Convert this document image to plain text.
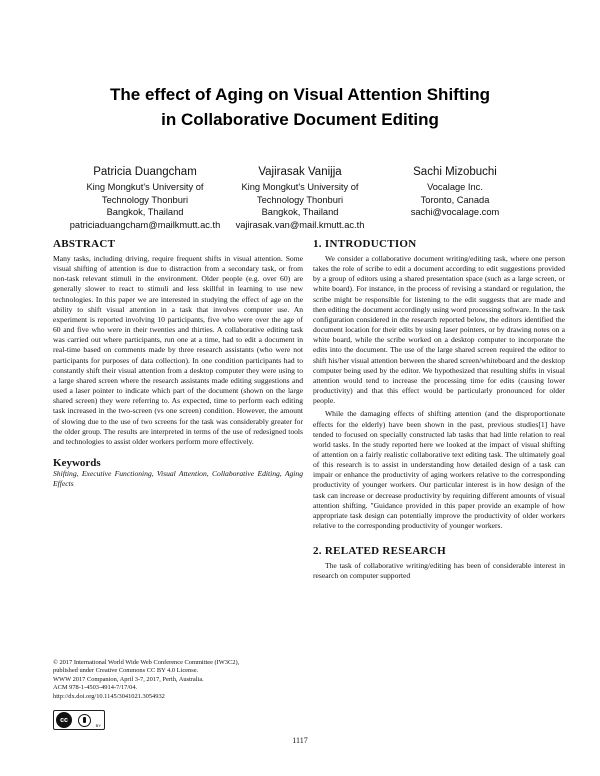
The effect of Aging on Visual Attention Shifting
in Collaborative Document Editing
Patricia Duangcham
King Mongkut's University of
Technology Thonburi
Bangkok, Thailand
patriciaduangcham@mailkmutt.ac.th
Vajirasak Vanijja
King Mongkut's University of
Technology Thonburi
Bangkok, Thailand
vajirasak.van@mail.kmutt.ac.th
Sachi Mizobuchi
Vocalage Inc.
Toronto, Canada
sachi@vocalage.com
ABSTRACT

Many tasks, including driving, require frequent shifts in visual attention. Some visual shifting of attention is due to distraction from a secondary task, or from non-task relevant stimuli in the environment. Older people (e.g. over 60) are generally slower to react to stimuli and less skillful in learning to use new technologies. In this paper we are interested in studying the effect of age on the ability to shift visual attention in a task that involves computer use. An experiment is reported involving 10 participants, five who were over the age of 60 and five who were in their twenties and thirties. A collaborative editing task was carried out where participants, run one at a time, had to edit a document in real-time based on comments made by three research assistants (who were not participants for purposes of data collection). In one condition participants had to constantly shift their visual attention from a desktop computer they were using to a large shared screen where the research assistants made editing suggestions and used a laser pointer to indicate which part of the document (shown on the large shared screen) they were referring to. As expected, time to perform each editing task increased in the two-screen (vs one screen) condition. However, the amount of slowing due to the use of two screens for the task was considerably greater for the older group. The results are interpreted in terms of the use of redesigned tools and technologies to assist older workers perform more effectively.

Keywords

Shifting, Executive Functioning, Visual Attention, Collaborative Editing, Aging Effects

© 2017 International World Wide Web Conference Committee (IW3C2),
published under Creative Commons CC BY 4.0 License.
WWW 2017 Companion, April 3-7, 2017, Perth, Australia.
ACM 978-1-4503-4914-7/17/04.
http://dx.doi.org/10.1145/3041021.3054932
cc
BY
1. INTRODUCTION

We consider a collaborative document writing/editing task, where one person takes the role of scribe to edit a document according to edit suggestions provided by a group of editors using a shared presentation space (such as a large screen, or white board). For instance, in the process of revising a standard or regulation, the scribe might be responsible for listening to the edit suggests that are made and then editing the document accordingly using word processing software. In the task configuration considered in the research reported below, the editors identified the document location for their edits by using laser pointers, or by drawing notes on a white board, while the scribe worked on a desktop computer to incorporate the edits into the document. The use of the large shared screen required the editor to shift his/her visual attention between the shared screen/whiteboard and the desktop computer being used by the editor. We hypothesized that resulting shifts in visual attention would tend to increase the processing time for edits (causing lower productivity) and that this effect would be particularly pronounced for older people.

While the damaging effects of shifting attention (and the disproportionate effects for the elderly) have been shown in the past, previous studies[1] have tended to focused on specially constructed lab tasks that had little relation to real world tasks. In the study reported here we looked at the impact of visual shifting of attention on a fairly realistic collaborative text editing task. The ultimately goal of this research is to assist in understanding how detailed design of a task can impair or enhance the productivity of aging workers relative to the corresponding productivity of younger workers. Our particular interest is in how design of the task can increase or decrease productivity by requiring different amounts of visual attention shifting. "Guidance provided in this paper provide an example of how appropriate task design can potentially improve the productivity of older workers relative to the corresponding productivity of younger workers.

2. RELATED RESEARCH

The task of collaborative writing/editing has been of considerable interest in research on computer supported

1117
